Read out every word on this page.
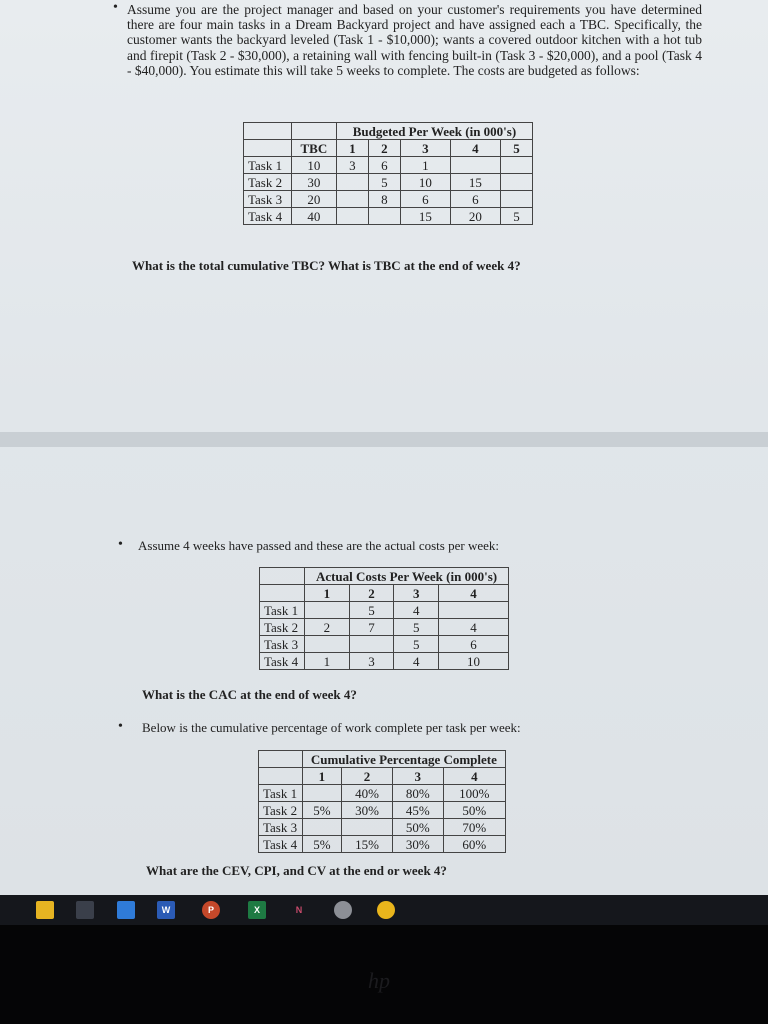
• Assume you are the project manager and based on your customer's requirements you have determined there are four main tasks in a Dream Backyard project and have assigned each a TBC. Specifically, the customer wants the backyard leveled (Task 1 - $10,000); wants a covered outdoor kitchen with a hot tub and firepit (Task 2 - $30,000), a retaining wall with fencing built-in (Task 3 - $20,000), and a pool (Task 4 - $40,000). You estimate this will take 5 weeks to complete. The costs are budgeted as follows:

		Budgeted Per Week (in 000's)				
	TBC	1	2	3	4	5
Task 1	10	3	6	1		
Task 2	30		5	10	15	
Task 3	20		8	6	6	
Task 4	40			15	20	5

What is the total cumulative TBC? What is TBC at the end of week 4?

• Assume 4 weeks have passed and these are the actual costs per week:

	Actual Costs Per Week (in 000's)			
	1	2	3	4
Task 1		5	4	
Task 2	2	7	5	4
Task 3			5	6
Task 4	1	3	4	10

What is the CAC at the end of week 4?

• Below is the cumulative percentage of work complete per task per week:

	Cumulative Percentage Complete			
	1	2	3	4
Task 1		40%	80%	100%
Task 2	5%	30%	45%	50%
Task 3			50%	70%
Task 4	5%	15%	30%	60%

What are the CEV, CPI, and CV at the end or week 4?

W	P	X	N
hp
